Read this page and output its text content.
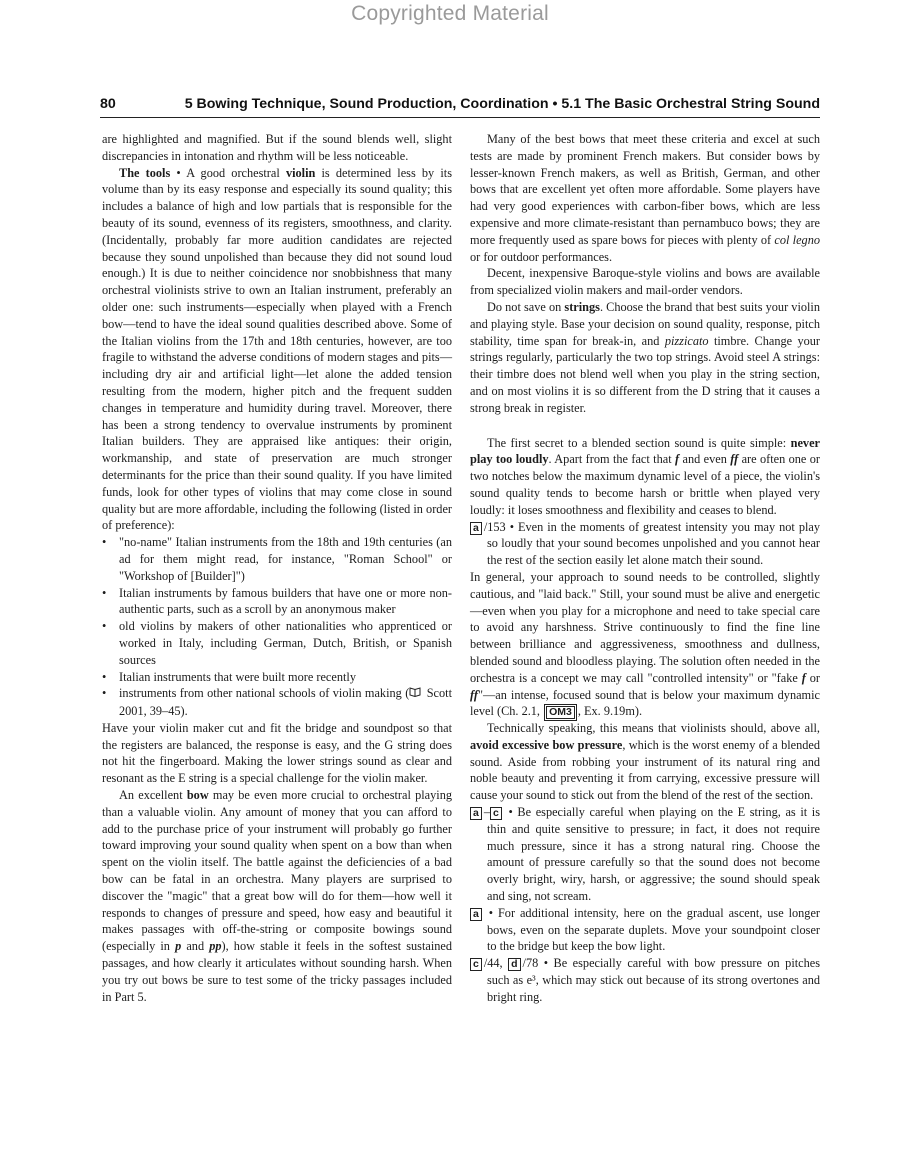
Copyrighted Material
80	5 Bowing Technique, Sound Production, Coordination • 5.1 The Basic Orchestral String Sound

are highlighted and magnified. But if the sound blends well, slight discrepancies in intonation and rhythm will be less noticeable.

The tools • A good orchestral violin is determined less by its volume than by its easy response and especially its sound quality; this includes a balance of high and low partials that is responsible for the beauty of its sound, evenness of its registers, smoothness, and clarity. (Incidentally, probably far more audition candidates are rejected because they sound unpolished than because they did not sound loud enough.) It is due to neither coincidence nor snobbishness that many orchestral violinists strive to own an Italian instrument, preferably an older one: such instruments—especially when played with a French bow—tend to have the ideal sound qualities described above. Some of the Italian violins from the 17th and 18th centuries, however, are too fragile to withstand the adverse conditions of modern stages and pits—including dry air and artificial light—let alone the added tension resulting from the modern, higher pitch and the frequent sudden changes in temperature and humidity during travel. Moreover, there has been a strong tendency to overvalue instruments by prominent Italian builders. They are appraised like antiques: their origin, workmanship, and state of preservation are much stronger determinants for the price than their sound quality. If you have limited funds, look for other types of violins that may come close in sound quality but are more affordable, including the following (listed in order of preference):

• "no-name" Italian instruments from the 18th and 19th centuries (an ad for them might read, for instance, "Roman School" or "Workshop of [Builder]")
• Italian instruments by famous builders that have one or more non-authentic parts, such as a scroll by an anonymous maker
• old violins by makers of other nationalities who apprenticed or worked in Italy, including German, Dutch, British, or Spanish sources
• Italian instruments that were built more recently
• instruments from other national schools of violin making ( Scott 2001, 39–45).

Have your violin maker cut and fit the bridge and soundpost so that the registers are balanced, the response is easy, and the G string does not hit the fingerboard. Making the lower strings sound as clear and resonant as the E string is a special challenge for the violin maker.

An excellent bow may be even more crucial to orchestral playing than a valuable violin. Any amount of money that you can afford to add to the purchase price of your instrument will probably go further toward improving your sound quality when spent on a bow than when spent on the violin itself. The battle against the deficiencies of a bad bow can be fatal in an orchestra. Many players are surprised to discover the "magic" that a great bow will do for them—how well it responds to changes of pressure and speed, how easy and beautiful it makes passages with off-the-string or composite bowings sound (especially in p and pp), how stable it feels in the softest sustained passages, and how clearly it articulates without sounding harsh. When you try out bows be sure to test some of the tricky passages included in Part 5.

Many of the best bows that meet these criteria and excel at such tests are made by prominent French makers. But consider bows by lesser-known French makers, as well as British, German, and other bows that are excellent yet often more affordable. Some players have had very good experiences with carbon-fiber bows, which are less expensive and more climate-resistant than pernambuco bows; they are more frequently used as spare bows for pieces with plenty of col legno or for outdoor performances.

Decent, inexpensive Baroque-style violins and bows are available from specialized violin makers and mail-order vendors.

Do not save on strings. Choose the brand that best suits your violin and playing style. Base your decision on sound quality, response, pitch stability, time span for break-in, and pizzicato timbre. Change your strings regularly, particularly the two top strings. Avoid steel A strings: their timbre does not blend well when you play in the string section, and on most violins it is so different from the D string that it causes a strong break in register.

The first secret to a blended section sound is quite simple: never play too loudly. Apart from the fact that f and even ff are often one or two notches below the maximum dynamic level of a piece, the violin's sound quality tends to become harsh or brittle when played very loudly: it loses smoothness and flexibility and ceases to blend.

a /153 • Even in the moments of greatest intensity you may not play so loudly that your sound becomes unpolished and you cannot hear the rest of the section easily let alone match their sound.

In general, your approach to sound needs to be controlled, slightly cautious, and "laid back." Still, your sound must be alive and energetic—even when you play for a microphone and need to take special care to avoid any harshness. Strive continuously to find the fine line between brilliance and aggressiveness, smoothness and dullness, blended sound and bloodless playing. The solution often needed in the orchestra is a concept we may call "controlled intensity" or "fake f or ff"—an intense, focused sound that is below your maximum dynamic level (Ch. 2.1, OM3 , Ex. 9.19m).

Technically speaking, this means that violinists should, above all, avoid excessive bow pressure, which is the worst enemy of a blended sound. Aside from robbing your instrument of its natural ring and noble beauty and preventing it from carrying, excessive pressure will cause your sound to stick out from the blend of the rest of the section.

a – c • Be especially careful when playing on the E string, as it is thin and quite sensitive to pressure; in fact, it does not require much pressure, since it has a strong natural ring. Choose the amount of pressure carefully so that the sound does not become overly bright, wiry, harsh, or aggressive; the sound should speak and sing, not scream.

a • For additional intensity, here on the gradual ascent, use longer bows, even on the separate duplets. Move your soundpoint closer to the bridge but keep the bow light.

c /44, d /78 • Be especially careful with bow pressure on pitches such as e³, which may stick out because of its strong overtones and bright ring.
